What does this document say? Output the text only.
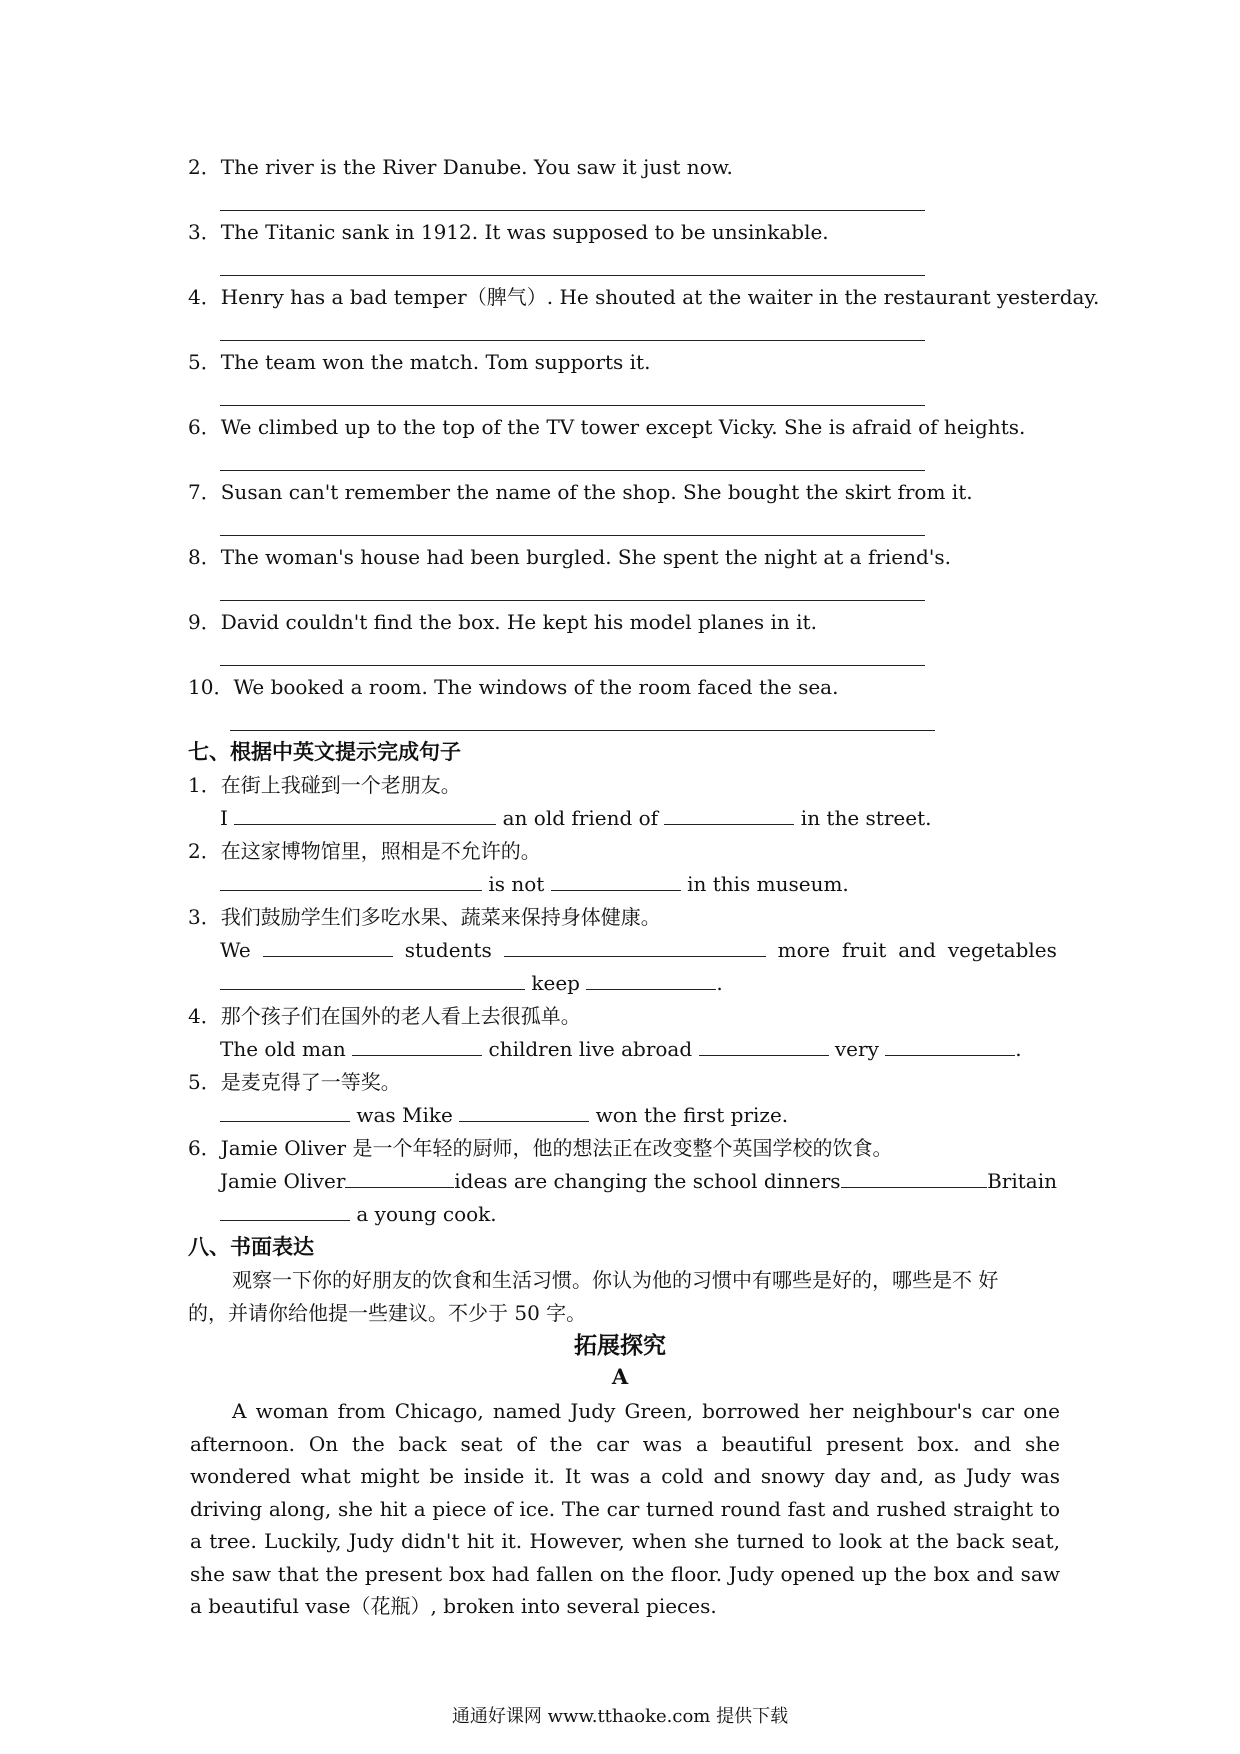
2．The river is the River Danube. You saw it just now.
3．The Titanic sank in 1912. It was supposed to be unsinkable.
4．Henry has a bad temper（脾气）. He shouted at the waiter in the restaurant yesterday.
5．The team won the match. Tom supports it.
6．We climbed up to the top of the TV tower except Vicky. She is afraid of heights.
7．Susan can't remember the name of the shop. She bought the skirt from it.
8．The woman's house had been burgled. She spent the night at a friend's.
9．David couldn't find the box. He kept his model planes in it.
10．We booked a room. The windows of the room faced the sea.
七、根据中英文提示完成句子
1．在街上我碰到一个老朋友。
I	an old friend of	in the street.
2．在这家博物馆里，照相是不允许的。
is not	in this museum.
3．我们鼓励学生们多吃水果、蔬菜来保持身体健康。
We	students	more fruit and vegetables
keep	.
4．那个孩子们在国外的老人看上去很孤单。
The old man	children live abroad	very	.
5．是麦克得了一等奖。
was Mike	won the first prize.
6．Jamie Oliver 是一个年轻的厨师，他的想法正在改变整个英国学校的饮食。
Jamie Oliver	ideas are changing the school dinners	Britain
a young cook.
八、书面表达
观察一下你的好朋友的饮食和生活习惯。你认为他的习惯中有哪些是好的，哪些是不 好
的，并请你给他提一些建议。不少于 50 字。
拓展探究
A
A woman from Chicago, named Judy Green, borrowed her neighbour's car one afternoon. On the back seat of the car was a beautiful present box. and she wondered what might be inside it. It was a cold and snowy day and, as Judy was driving along, she hit a piece of ice. The car turned round fast and rushed straight to a tree. Luckily, Judy didn't hit it. However, when she turned to look at the back seat, she saw that the present box had fallen on the floor. Judy opened up the box and saw a beautiful vase（花瓶）, broken into several pieces.
通通好课网 www.tthaoke.com 提供下载
